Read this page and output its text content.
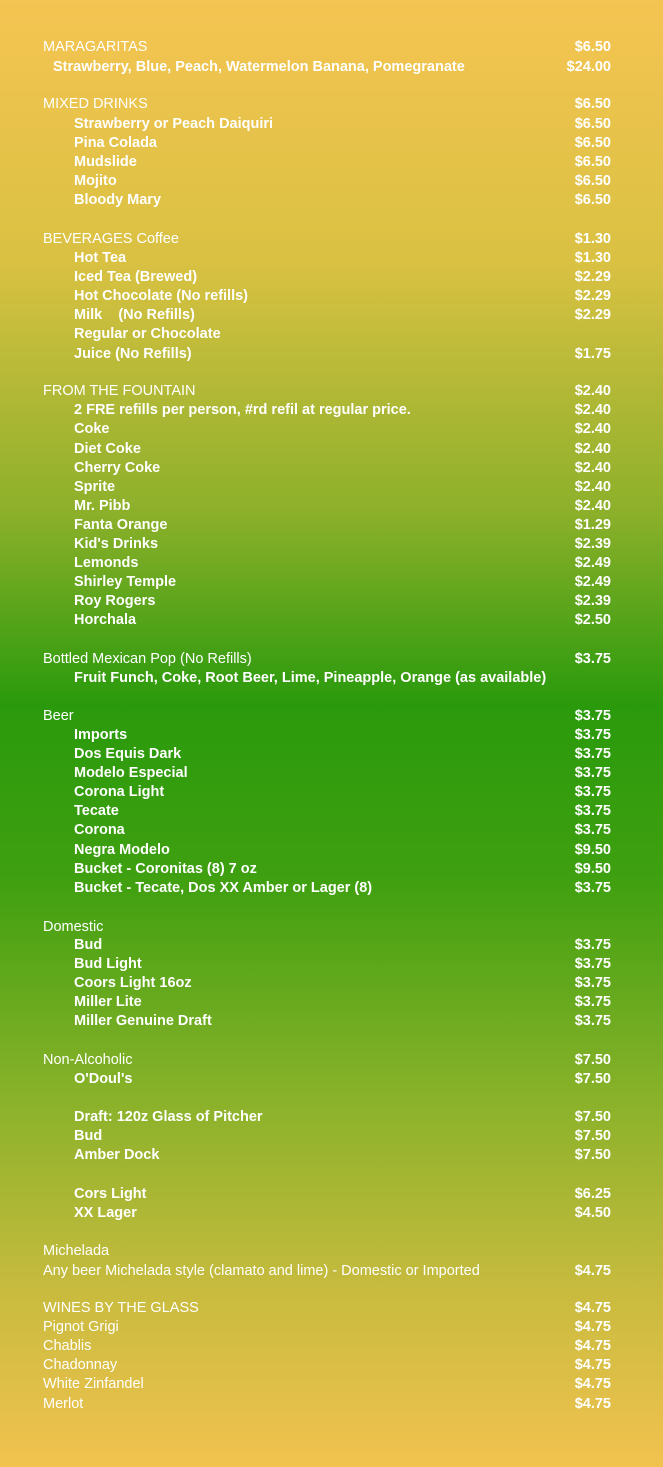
MARAGARITAS	$6.50
Strawberry, Blue, Peach, Watermelon Banana, Pomegranate	$24.00
MIXED DRINKS	$6.50
Strawberry or Peach Daiquiri	$6.50
Pina Colada	$6.50
Mudslide	$6.50
Mojito	$6.50
Bloody Mary	$6.50
BEVERAGES Coffee	$1.30
Hot Tea	$1.30
Iced Tea (Brewed)	$2.29
Hot Chocolate (No refills)	$2.29
Milk    (No Refills)	$2.29
Regular or Chocolate
Juice (No Refills)	$1.75
FROM THE FOUNTAIN	$2.40
2 FRE refills per person, #rd refil at regular price.	$2.40
Coke	$2.40
Diet Coke	$2.40
Cherry Coke	$2.40
Sprite	$2.40
Mr. Pibb	$2.40
Fanta Orange	$1.29
Kid's Drinks	$2.39
Lemonds	$2.49
Shirley Temple	$2.49
Roy Rogers	$2.39
Horchala	$2.50
Bottled Mexican Pop (No Refills)	$3.75
Fruit Funch, Coke, Root Beer, Lime, Pineapple, Orange (as available)
Beer	$3.75
Imports	$3.75
Dos Equis Dark	$3.75
Modelo Especial	$3.75
Corona Light	$3.75
Tecate	$3.75
Corona	$3.75
Negra Modelo	$9.50
Bucket - Coronitas (8) 7 oz	$9.50
Bucket - Tecate, Dos XX Amber or Lager (8)	$3.75
Domestic
Bud	$3.75
Bud Light	$3.75
Coors Light 16oz	$3.75
Miller Lite	$3.75
Miller Genuine Draft	$3.75
Non-Alcoholic	$7.50
O'Doul's	$7.50
Draft: 120z Glass of Pitcher	$7.50
Bud	$7.50
Amber Dock	$7.50
Cors Light	$6.25
XX Lager	$4.50
Michelada
Any beer Michelada style (clamato and lime) - Domestic or Imported	$4.75
WINES BY THE GLASS	$4.75
Pignot Grigi	$4.75
Chablis	$4.75
Chadonnay	$4.75
White Zinfandel	$4.75
Merlot	$4.75
